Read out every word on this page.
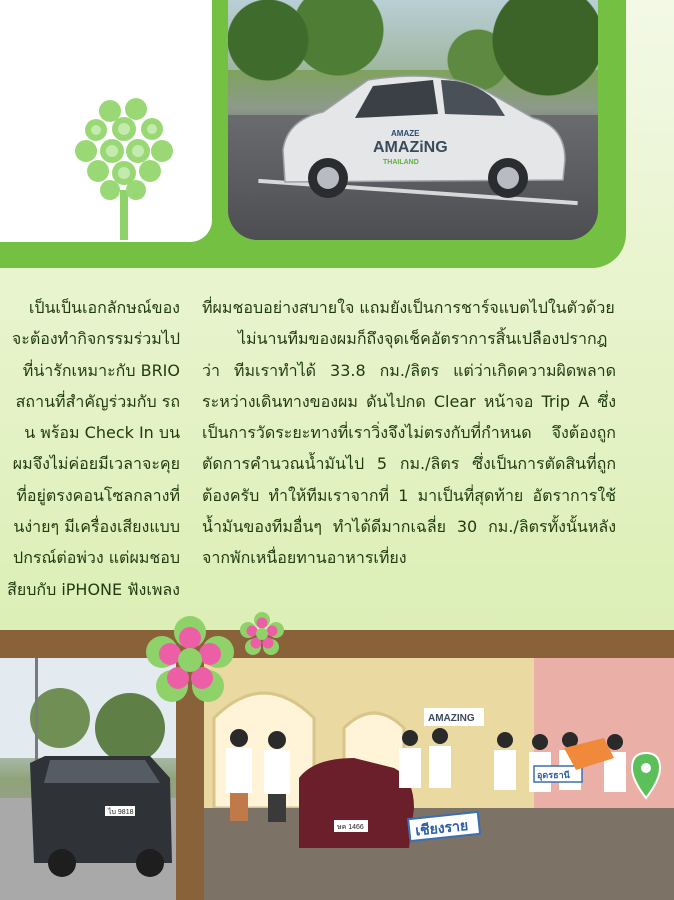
AMAZE
AMAZiNG
THAILAND
เป็นเป็นเอกลักษณ์ของ
จะต้องทำกิจกรรมร่วมไป
ที่น่ารักเหมาะกับ BRIO
สถานที่สำคัญร่วมกับ รถ
น พร้อม Check In บน
ผมจึงไม่ค่อยมีเวลาจะคุย
ที่อยู่ตรงคอนโซลกลางที่
นง่ายๆ มีเครื่องเสียงแบบ
ปกรณ์ต่อพ่วง แต่ผมชอบ
สียบกับ iPHONE ฟังเพลง

ที่ผมชอบอย่างสบายใจ แถมยังเป็นการชาร์จแบตไปในตัวด้วย

ไม่นานทีมของผมก็ถึงจุดเช็คอัตราการสิ้นเปลืองปรากฎว่า ทีมเราทำได้ 33.8 กม./ลิตร แต่ว่าเกิดความผิดพลาดระหว่างเดินทางของผม ดันไปกด Clear หน้าจอ Trip A ซึ่งเป็นการวัดระยะทางที่เราวิ่งจึงไม่ตรงกับที่กำหนด จึงต้องถูกตัดการคำนวณน้ำมันไป 5 กม./ลิตร ซึ่งเป็นการตัดสินที่ถูกต้องครับ ทำให้ทีมเราจากที่ 1 มาเป็นที่สุดท้าย อัตราการใช้น้ำมันของทีมอื่นๆ ทำได้ดีมากเฉลี่ย 30 กม./ลิตรทั้งนั้นหลังจากพักเหนื่อยทานอาหารเที่ยง

ไบ 9818
AMAZING
ษค 1466	เชียงราย
อุดรธานี
